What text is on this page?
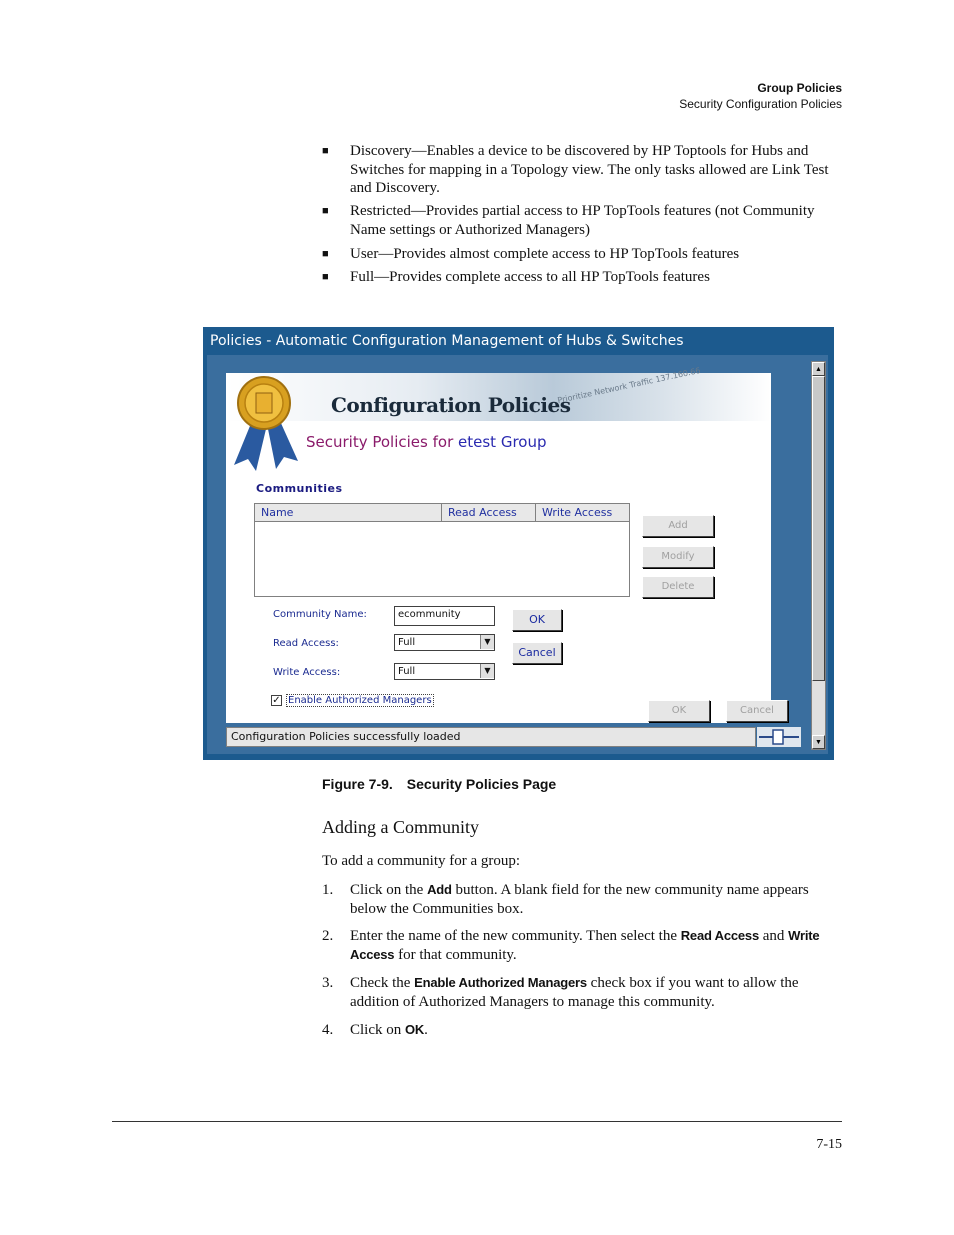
Group Policies
Security Configuration Policies
■ Discovery—Enables a device to be discovered by HP Toptools for Hubs and Switches for mapping in a Topology view. The only tasks allowed are Link Test and Discovery.
■ Restricted—Provides partial access to HP TopTools features (not Community Name settings or Authorized Managers)
■ User—Provides almost complete access to HP TopTools features
■ Full—Provides complete access to all HP TopTools features
Policies - Automatic Configuration Management of Hubs & Switches
Prioritize Network Traffic 137.160.66
Configuration Policies
Security Policies for etest Group
Communities
Name	Read Access	Write Access
Add
Modify
Delete
Community Name:	ecommunity	OK
Read Access:	Full	▼
Cancel
Write Access:	Full	▼
✓ Enable Authorized Managers
OK	Cancel
Configuration Policies successfully loaded
▲
▼
Figure 7-9. Security Policies Page
Adding a Community
To add a community for a group:
1. Click on the Add button. A blank field for the new community name appears below the Communities box.
2. Enter the name of the new community. Then select the Read Access and Write Access for that community.
3. Check the Enable Authorized Managers check box if you want to allow the addition of Authorized Managers to manage this community.
4. Click on OK.
7-15
